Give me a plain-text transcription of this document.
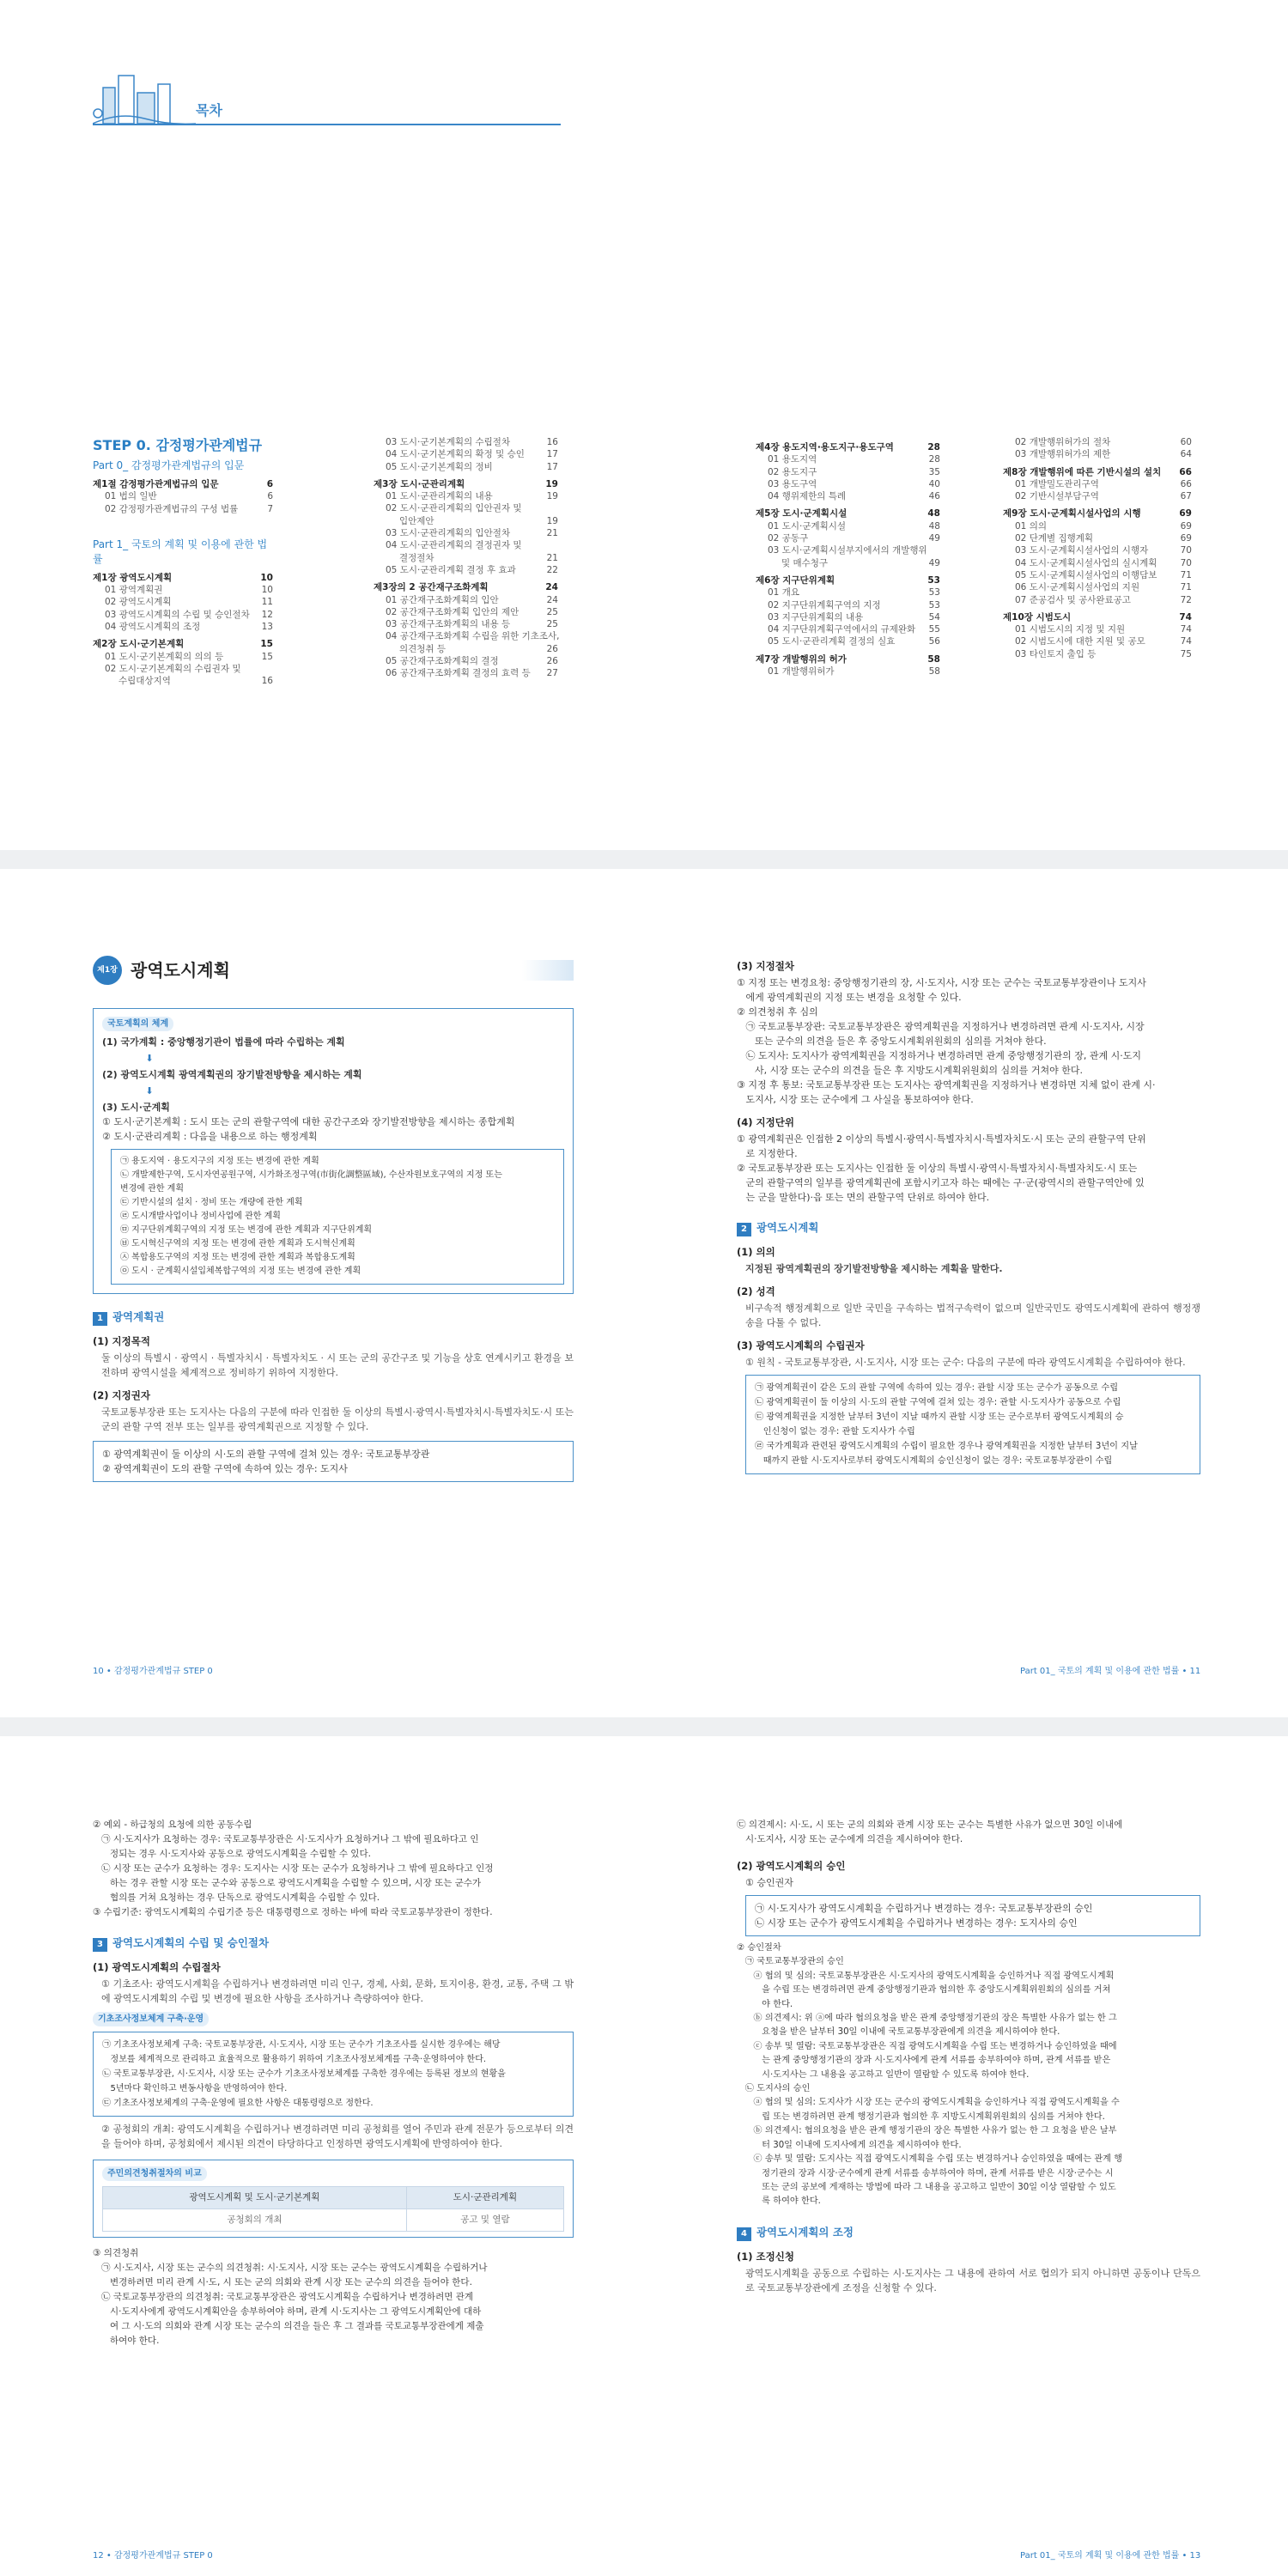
목차
STEP 0. 감정평가관계법규
Part 0_ 감정평가관계법규의 입문
제1절 감정평가관계법규의 입문	6
01 법의 일반	6
02 감정평가관계법규의 구성 법률	7
Part 1_ 국토의 계획 및 이용에 관한 법률
제1장 광역도시계획	10
01 광역계획권	10
02 광역도시계획	11
03 광역도시계획의 수립 및 승인절차	12
04 광역도시계획의 조정	13
제2장 도시·군기본계획	15
01 도시·군기본계획의 의의 등	15
02 도시·군기본계획의 수립권자 및
수립대상지역	16
03 도시·군기본계획의 수립절차	16
04 도시·군기본계획의 확정 및 승인	17
05 도시·군기본계획의 정비	17
제3장 도시·군관리계획	19
01 도시·군관리계획의 내용	19
02 도시·군관리계획의 입안권자 및
입안제안	19
03 도시·군관리계획의 입안절차	21
04 도시·군관리계획의 결정권자 및
결정절차	21
05 도시·군관리계획 결정 후 효과	22
제3장의 2 공간재구조화계획	24
01 공간재구조화계획의 입안	24
02 공간재구조화계획 입안의 제안	25
03 공간재구조화계획의 내용 등	25
04 공간재구조화계획 수립을 위한 기초조사,
의견청취 등	26
05 공간재구조화계획의 결정	26
06 공간재구조화계획 결정의 효력 등	27
제4장 용도지역·용도지구·용도구역	28
01 용도지역	28
02 용도지구	35
03 용도구역	40
04 행위제한의 특례	46
제5장 도시·군계획시설	48
01 도시·군계획시설	48
02 공동구	49
03 도시·군계획시설부지에서의 개발행위
및 매수청구	49
제6장 지구단위계획	53
01 개요	53
02 지구단위계획구역의 지정	53
03 지구단위계획의 내용	54
04 지구단위계획구역에서의 규제완화	55
05 도시·군관리계획 결정의 실효	56
제7장 개발행위의 허가	58
01 개발행위허가	58
02 개발행위허가의 절차	60
03 개발행위허가의 제한	64
제8장 개발행위에 따른 기반시설의 설치	66
01 개발밀도관리구역	66
02 기반시설부담구역	67
제9장 도시·군계획시설사업의 시행	69
01 의의	69
02 단계별 집행계획	69
03 도시·군계획시설사업의 시행자	70
04 도시·군계획시설사업의 실시계획	70
05 도시·군계획시설사업의 이행담보	71
06 도시·군계획시설사업의 지원	71
07 준공검사 및 공사완료공고	72
제10장 시범도시	74
01 시범도시의 지정 및 지원	74
02 시범도시에 대한 지원 및 공모	74
03 타인토지 출입 등	75
제1장 광역도시계획
국토계획의 체계
(1) 국가계획 : 중앙행정기관이 법률에 따라 수립하는 계획
⬇
(2) 광역도시계획 광역계획권의 장기발전방향을 제시하는 계획
⬇
(3) 도시·군계획
① 도시·군기본계획 : 도시 또는 군의 관할구역에 대한 공간구조와 장기발전방향을 제시하는 종합계획
② 도시·군관리계획 : 다음을 내용으로 하는 행정계획
㉠ 용도지역 · 용도지구의 지정 또는 변경에 관한 계획
㉡ 개발제한구역, 도시자연공원구역, 시가화조정구역(市街化調整區域), 수산자원보호구역의 지정 또는
변경에 관한 계획
㉢ 기반시설의 설치 · 정비 또는 개량에 관한 계획
㉣ 도시개발사업이나 정비사업에 관한 계획
㉤ 지구단위계획구역의 지정 또는 변경에 관한 계획과 지구단위계획
㉥ 도시혁신구역의 지정 또는 변경에 관한 계획과 도시혁신계획
㉦ 복합용도구역의 지정 또는 변경에 관한 계획과 복합용도계획
㉧ 도시 · 군계획시설입체복합구역의 지정 또는 변경에 관한 계획
1 광역계획권
(1) 지정목적
둘 이상의 특별시 · 광역시 · 특별자치시 · 특별자치도 · 시 또는 군의 공간구조 및 기능을 상호 연계시키고 환경을 보전하며 광역시설을 체계적으로 정비하기 위하여 지정한다.
(2) 지정권자
국토교통부장관 또는 도지사는 다음의 구분에 따라 인접한 둘 이상의 특별시·광역시·특별자치시·특별자치도·시 또는 군의 관할 구역 전부 또는 일부를 광역계획권으로 지정할 수 있다.
① 광역계획권이 둘 이상의 시·도의 관할 구역에 걸쳐 있는 경우: 국토교통부장관
② 광역계획권이 도의 관할 구역에 속하여 있는 경우: 도지사
10 • 감정평가관계법규 STEP 0
(3) 지정절차
① 지정 또는 변경요청: 중앙행정기관의 장, 시·도지사, 시장 또는 군수는 국토교통부장관이나 도지사
에게 광역계획권의 지정 또는 변경을 요청할 수 있다.
② 의견청취 후 심의
㉠ 국토교통부장관: 국토교통부장관은 광역계획권을 지정하거나 변경하려면 관계 시·도지사, 시장
또는 군수의 의견을 들은 후 중앙도시계획위원회의 심의를 거쳐야 한다.
㉡ 도지사: 도지사가 광역계획권을 지정하거나 변경하려면 관계 중앙행정기관의 장, 관계 시·도지
사, 시장 또는 군수의 의견을 들은 후 지방도시계획위원회의 심의를 거쳐야 한다.
③ 지정 후 통보: 국토교통부장관 또는 도지사는 광역계획권을 지정하거나 변경하면 지체 없이 관계 시·
도지사, 시장 또는 군수에게 그 사실을 통보하여야 한다.
(4) 지정단위
① 광역계획권은 인접한 2 이상의 특별시·광역시·특별자치시·특별자치도·시 또는 군의 관할구역 단위
로 지정한다.
② 국토교통부장관 또는 도지사는 인접한 둘 이상의 특별시·광역시·특별자치시·특별자치도·시 또는
군의 관할구역의 일부를 광역계획권에 포함시키고자 하는 때에는 구·군(광역시의 관할구역안에 있
는 군을 말한다)·읍 또는 면의 관할구역 단위로 하여야 한다.
2 광역도시계획
(1) 의의
지정된 광역계획권의 장기발전방향을 제시하는 계획을 말한다.
(2) 성격
비구속적 행정계획으로 일반 국민을 구속하는 법적구속력이 없으며 일반국민도 광역도시계획에 관하여 행정쟁송을 다툴 수 없다.
(3) 광역도시계획의 수립권자
① 원칙 - 국토교통부장관, 시·도지사, 시장 또는 군수: 다음의 구분에 따라 광역도시계획을 수립하여야 한다.
㉠ 광역계획권이 같은 도의 관할 구역에 속하여 있는 경우: 관할 시장 또는 군수가 공동으로 수립
㉡ 광역계획권이 둘 이상의 시·도의 관할 구역에 걸쳐 있는 경우: 관할 시·도지사가 공동으로 수립
㉢ 광역계획권을 지정한 날부터 3년이 지날 때까지 관할 시장 또는 군수로부터 광역도시계획의 승
인신청이 없는 경우: 관할 도지사가 수립
㉣ 국가계획과 관련된 광역도시계획의 수립이 필요한 경우나 광역계획권을 지정한 날부터 3년이 지날
때까지 관할 시·도지사로부터 광역도시계획의 승인신청이 없는 경우: 국토교통부장관이 수립
Part 01_ 국토의 계획 및 이용에 관한 법률 • 11
② 예외 - 하급청의 요청에 의한 공동수립
㉠ 시·도지사가 요청하는 경우: 국토교통부장관은 시·도지사가 요청하거나 그 밖에 필요하다고 인
정되는 경우 시·도지사와 공동으로 광역도시계획을 수립할 수 있다.
㉡ 시장 또는 군수가 요청하는 경우: 도지사는 시장 또는 군수가 요청하거나 그 밖에 필요하다고 인정
하는 경우 관할 시장 또는 군수와 공동으로 광역도시계획을 수립할 수 있으며, 시장 또는 군수가
협의를 거쳐 요청하는 경우 단독으로 광역도시계획을 수립할 수 있다.
③ 수립기준: 광역도시계획의 수립기준 등은 대통령령으로 정하는 바에 따라 국토교통부장관이 정한다.
3 광역도시계획의 수립 및 승인절차
(1) 광역도시계획의 수립절차
① 기초조사: 광역도시계획을 수립하거나 변경하려면 미리 인구, 경제, 사회, 문화, 토지이용, 환경, 교통, 주택 그 밖에 광역도시계획의 수립 및 변경에 필요한 사항을 조사하거나 측량하여야 한다.
기초조사정보체계 구축·운영
㉠ 기초조사정보체계 구축: 국토교통부장관, 시·도지사, 시장 또는 군수가 기초조사를 실시한 경우에는 해당
정보를 체계적으로 관리하고 효율적으로 활용하기 위하여 기초조사정보체계를 구축·운영하여야 한다.
㉡ 국토교통부장관, 시·도지사, 시장 또는 군수가 기초조사정보체계를 구축한 경우에는 등록된 정보의 현황을
5년마다 확인하고 변동사항을 반영하여야 한다.
㉢ 기초조사정보체계의 구축·운영에 필요한 사항은 대통령령으로 정한다.
② 공청회의 개최: 광역도시계획을 수립하거나 변경하려면 미리 공청회를 열어 주민과 관계 전문가 등으로부터 의견을 들어야 하며, 공청회에서 제시된 의견이 타당하다고 인정하면 광역도시계획에 반영하여야 한다.
주민의견청취절차의 비교
광역도시계획 및 도시·군기본계획	도시·군관리계획
공청회의 개최	공고 및 열람
③ 의견청취
㉠ 시·도지사, 시장 또는 군수의 의견청취: 시·도지사, 시장 또는 군수는 광역도시계획을 수립하거나
변경하려면 미리 관계 시·도, 시 또는 군의 의회와 관계 시장 또는 군수의 의견을 들어야 한다.
㉡ 국토교통부장관의 의견청취: 국토교통부장관은 광역도시계획을 수립하거나 변경하려면 관계
시·도지사에게 광역도시계획안을 송부하여야 하며, 관계 시·도지사는 그 광역도시계획안에 대하
여 그 시·도의 의회와 관계 시장 또는 군수의 의견을 들은 후 그 결과를 국토교통부장관에게 제출
하여야 한다.
12 • 감정평가관계법규 STEP 0
㉢ 의견제시: 시·도, 시 또는 군의 의회와 관계 시장 또는 군수는 특별한 사유가 없으면 30일 이내에
시·도지사, 시장 또는 군수에게 의견을 제시하여야 한다.
(2) 광역도시계획의 승인
① 승인권자
㉠ 시·도지사가 광역도시계획을 수립하거나 변경하는 경우: 국토교통부장관의 승인
㉡ 시장 또는 군수가 광역도시계획을 수립하거나 변경하는 경우: 도지사의 승인
② 승인절차
㉠ 국토교통부장관의 승인
ⓐ 협의 및 심의: 국토교통부장관은 시·도지사의 광역도시계획을 승인하거나 직접 광역도시계획
을 수립 또는 변경하려면 관계 중앙행정기관과 협의한 후 중앙도시계획위원회의 심의를 거쳐
야 한다.
ⓑ 의견제시: 위 ⓐ에 따라 협의요청을 받은 관계 중앙행정기관의 장은 특별한 사유가 없는 한 그
요청을 받은 날부터 30일 이내에 국토교통부장관에게 의견을 제시하여야 한다.
ⓒ 송부 및 열람: 국토교통부장관은 직접 광역도시계획을 수립 또는 변경하거나 승인하였을 때에
는 관계 중앙행정기관의 장과 시·도지사에게 관계 서류를 송부하여야 하며, 관계 서류를 받은
시·도지사는 그 내용을 공고하고 일반이 열람할 수 있도록 하여야 한다.
㉡ 도지사의 승인
ⓐ 협의 및 심의: 도지사가 시장 또는 군수의 광역도시계획을 승인하거나 직접 광역도시계획을 수
립 또는 변경하려면 관계 행정기관과 협의한 후 지방도시계획위원회의 심의를 거쳐야 한다.
ⓑ 의견제시: 협의요청을 받은 관계 행정기관의 장은 특별한 사유가 없는 한 그 요청을 받은 날부
터 30일 이내에 도지사에게 의견을 제시하여야 한다.
ⓒ 송부 및 열람: 도지사는 직접 광역도시계획을 수립 또는 변경하거나 승인하였을 때에는 관계 행
정기관의 장과 시장·군수에게 관계 서류를 송부하여야 하며, 관계 서류를 받은 시장·군수는 시
또는 군의 공보에 게재하는 방법에 따라 그 내용을 공고하고 일반이 30일 이상 열람할 수 있도
록 하여야 한다.
4 광역도시계획의 조정
(1) 조정신청
광역도시계획을 공동으로 수립하는 시·도지사는 그 내용에 관하여 서로 협의가 되지 아니하면 공동이나 단독으로 국토교통부장관에게 조정을 신청할 수 있다.
Part 01_ 국토의 계획 및 이용에 관한 법률 • 13
